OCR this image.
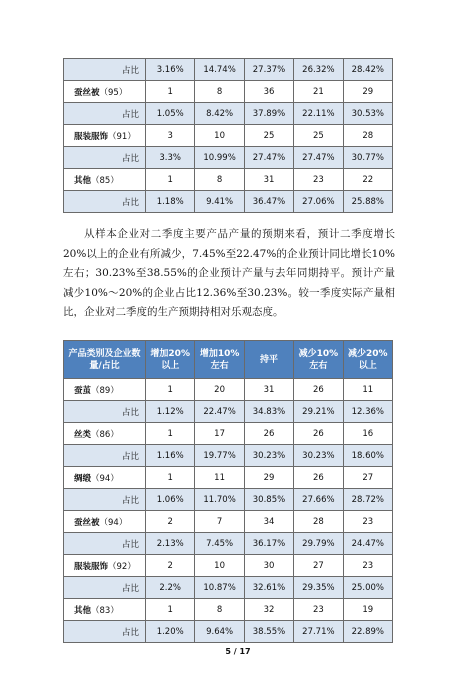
占比	3.16%	14.74%	27.37%	26.32%	28.42%
蚕丝被（95）	1	8	36	21	29
占比	1.05%	8.42%	37.89%	22.11%	30.53%
服装服饰（91）	3	10	25	25	28
占比	3.3%	10.99%	27.47%	27.47%	30.77%
其他（85）	1	8	31	23	22
占比	1.18%	9.41%	36.47%	27.06%	25.88%
从样本企业对二季度主要产品产量的预期来看，预计二季度增长20%以上的企业有所减少，7.45%至22.47%的企业预计同比增长10%左右；30.23%至38.55%的企业预计产量与去年同期持平。预计产量减少10%～20%的企业占比12.36%至30.23%。较一季度实际产量相比，企业对二季度的生产预期持相对乐观态度。
产品类别及企业数量/占比	增加20%以上	增加10%左右	持平	减少10%左右	减少20%以上
蚕茧（89）	1	20	31	26	11
占比	1.12%	22.47%	34.83%	29.21%	12.36%
丝类（86）	1	17	26	26	16
占比	1.16%	19.77%	30.23%	30.23%	18.60%
绸缎（94）	1	11	29	26	27
占比	1.06%	11.70%	30.85%	27.66%	28.72%
蚕丝被（94）	2	7	34	28	23
占比	2.13%	7.45%	36.17%	29.79%	24.47%
服装服饰（92）	2	10	30	27	23
占比	2.2%	10.87%	32.61%	29.35%	25.00%
其他（83）	1	8	32	23	19
占比	1.20%	9.64%	38.55%	27.71%	22.89%
5 / 17
